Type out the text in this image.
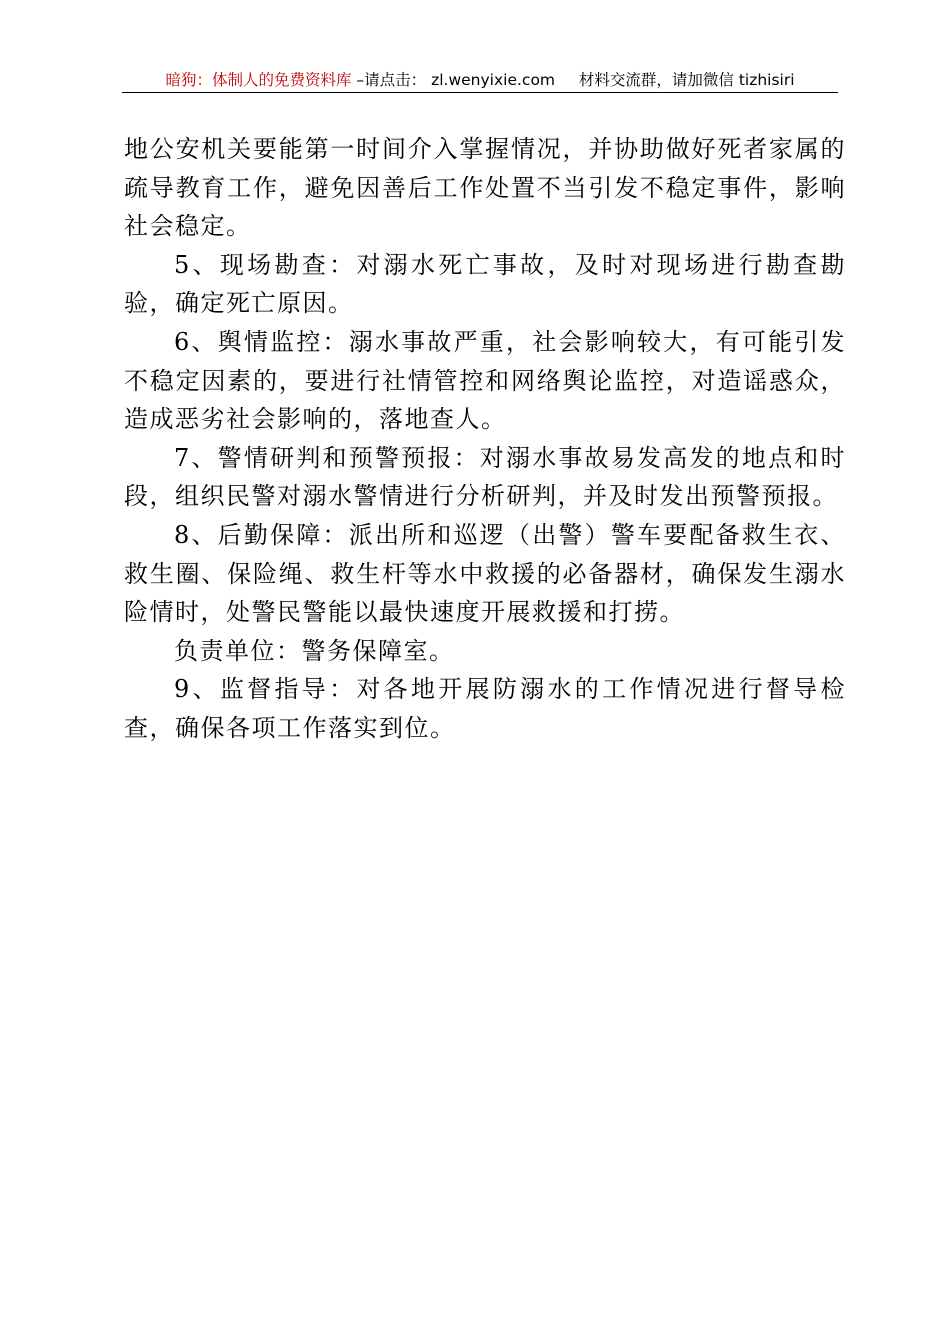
暗狗：体制人的免费资料库 –请点击： zl.wenyixie.com 材料交流群，请加微信 tizhisiri

地公安机关要能第一时间介入掌握情况，并协助做好死者家属的疏导教育工作，避免因善后工作处置不当引发不稳定事件，影响社会稳定。

5、现场勘查：对溺水死亡事故，及时对现场进行勘查勘验，确定死亡原因。

6、舆情监控：溺水事故严重，社会影响较大，有可能引发不稳定因素的，要进行社情管控和网络舆论监控，对造谣惑众，造成恶劣社会影响的，落地查人。

7、警情研判和预警预报：对溺水事故易发高发的地点和时段，组织民警对溺水警情进行分析研判，并及时发出预警预报。

8、后勤保障：派出所和巡逻（出警）警车要配备救生衣、救生圈、保险绳、救生杆等水中救援的必备器材，确保发生溺水险情时，处警民警能以最快速度开展救援和打捞。

负责单位：警务保障室。

9、监督指导：对各地开展防溺水的工作情况进行督导检查，确保各项工作落实到位。
